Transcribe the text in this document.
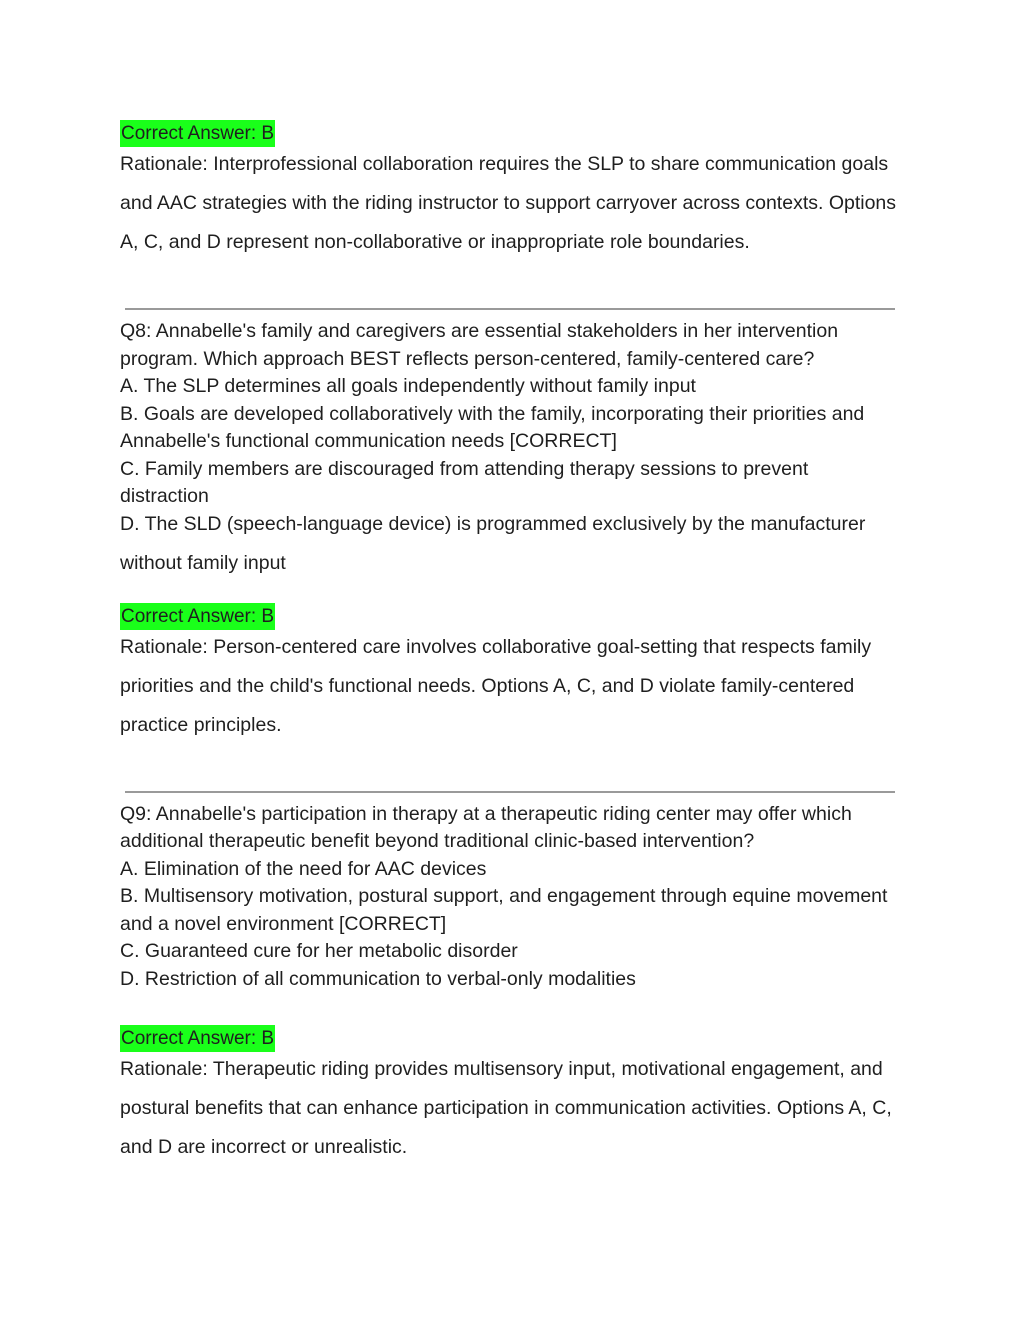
Correct Answer: B

Rationale: Interprofessional collaboration requires the SLP to share communication goals and AAC strategies with the riding instructor to support carryover across contexts. Options A, C, and D represent non-collaborative or inappropriate role boundaries.

Q8: Annabelle's family and caregivers are essential stakeholders in her intervention program. Which approach BEST reflects person-centered, family-centered care?
A. The SLP determines all goals independently without family input
B. Goals are developed collaboratively with the family, incorporating their priorities and Annabelle's functional communication needs [CORRECT]
C. Family members are discouraged from attending therapy sessions to prevent distraction
D. The SLD (speech-language device) is programmed exclusively by the manufacturer without family input
Correct Answer: B

Rationale: Person-centered care involves collaborative goal-setting that respects family priorities and the child's functional needs. Options A, C, and D violate family-centered practice principles.

Q9: Annabelle's participation in therapy at a therapeutic riding center may offer which additional therapeutic benefit beyond traditional clinic-based intervention?
A. Elimination of the need for AAC devices
B. Multisensory motivation, postural support, and engagement through equine movement and a novel environment [CORRECT]
C. Guaranteed cure for her metabolic disorder
D. Restriction of all communication to verbal-only modalities
Correct Answer: B

Rationale: Therapeutic riding provides multisensory input, motivational engagement, and postural benefits that can enhance participation in communication activities. Options A, C, and D are incorrect or unrealistic.
